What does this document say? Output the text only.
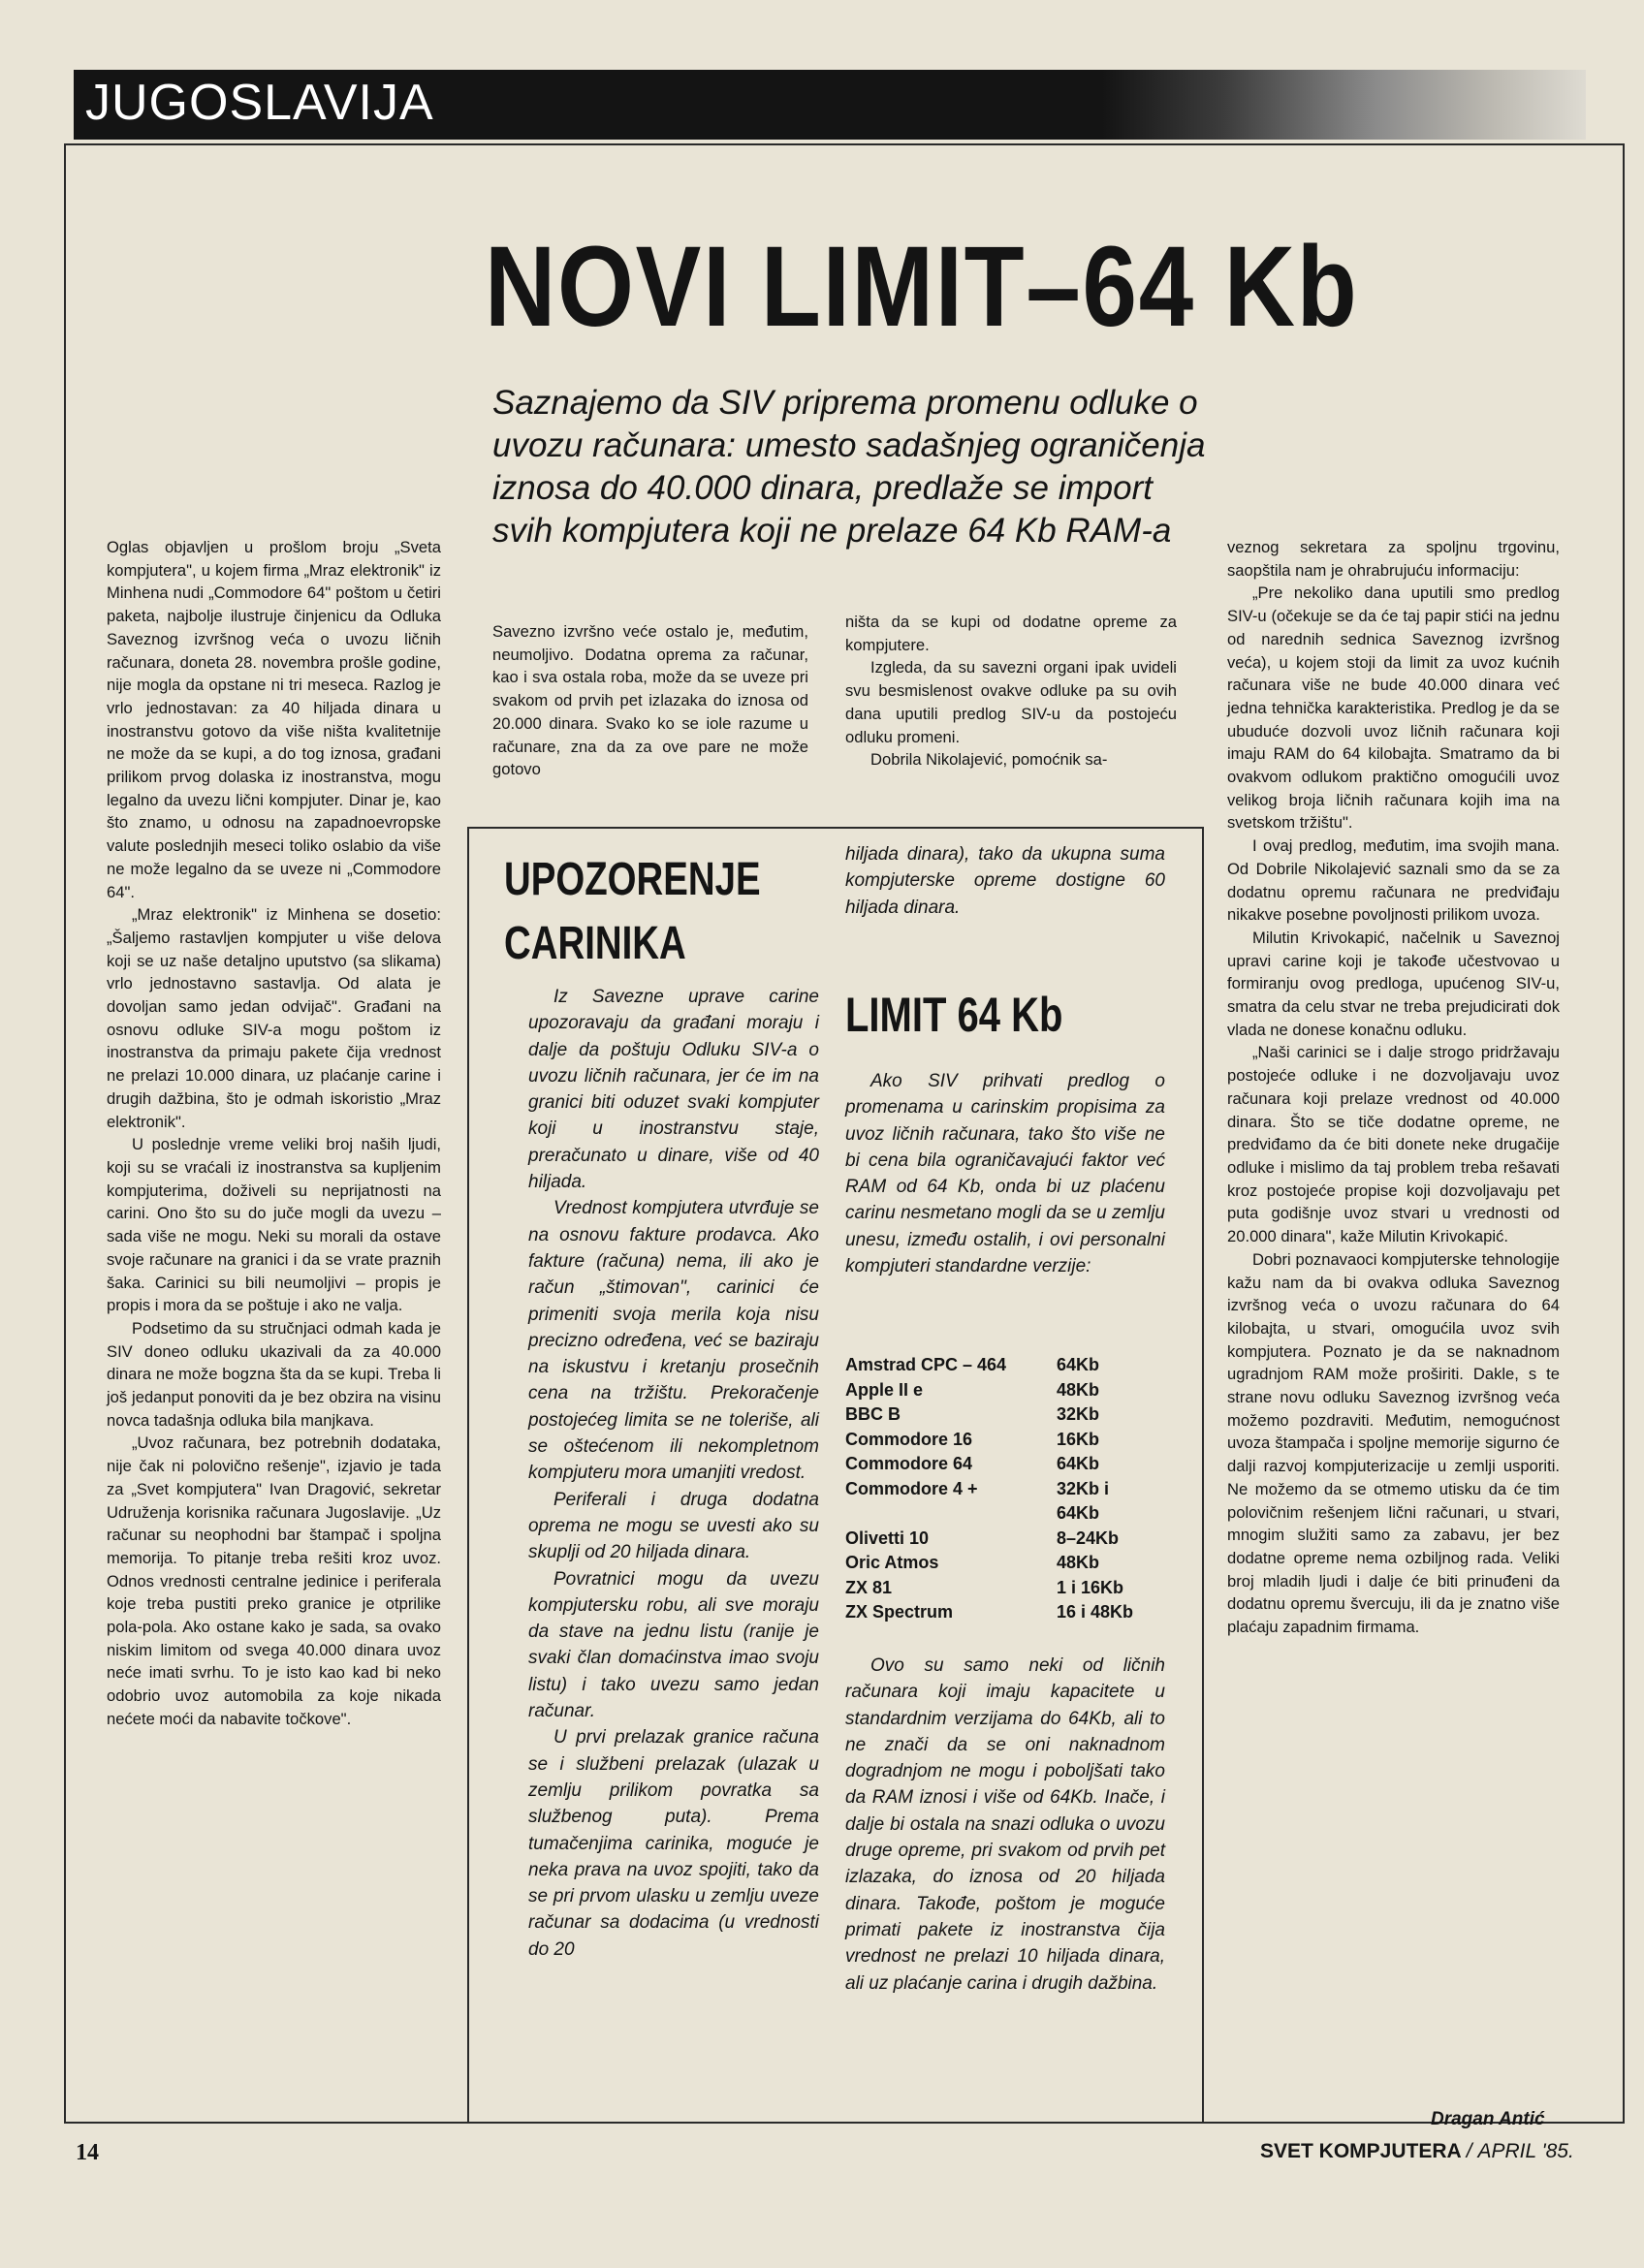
JUGOSLAVIJA
NOVI LIMIT–64 Kb
Saznajemo da SIV priprema promenu odluke o uvozu računara: umesto sadašnjeg ograničenja iznosa do 40.000 dinara, predlaže se import svih kompjutera koji ne prelaze 64 Kb RAM-a

Oglas objavljen u prošlom broju „Sveta kompjutera", u kojem firma „Mraz elektronik" iz Minhena nudi „Commodore 64" poštom u četiri paketa, najbolje ilustruje činjenicu da Odluka Saveznog izvršnog veća o uvozu ličnih računara, doneta 28. novembra prošle godine, nije mogla da opstane ni tri meseca. Razlog je vrlo jednostavan: za 40 hiljada dinara u inostranstvu gotovo da više ništa kvalitetnije ne može da se kupi, a do tog iznosa, građani prilikom prvog dolaska iz inostranstva, mogu legalno da uvezu lični kompjuter. Dinar je, kao što znamo, u odnosu na zapadnoevropske valute poslednjih meseci toliko oslabio da više ne može legalno da se uveze ni „Commodore 64".

„Mraz elektronik" iz Minhena se dosetio: „Šaljemo rastavljen kompjuter u više delova koji se uz naše detaljno uputstvo (sa slikama) vrlo jednostavno sastavlja. Od alata je dovoljan samo jedan odvijač". Građani na osnovu odluke SIV-a mogu poštom iz inostranstva da primaju pakete čija vrednost ne prelazi 10.000 dinara, uz plaćanje carine i drugih dažbina, što je odmah iskoristio „Mraz elektronik".

U poslednje vreme veliki broj naših ljudi, koji su se vraćali iz inostranstva sa kupljenim kompjuterima, doživeli su neprijatnosti na carini. Ono što su do juče mogli da uvezu – sada više ne mogu. Neki su morali da ostave svoje računare na granici i da se vrate praznih šaka. Carinici su bili neumoljivi – propis je propis i mora da se poštuje i ako ne valja.

Podsetimo da su stručnjaci odmah kada je SIV doneo odluku ukazivali da za 40.000 dinara ne može bogzna šta da se kupi. Treba li još jedanput ponoviti da je bez obzira na visinu novca tadašnja odluka bila manjkava.

„Uvoz računara, bez potrebnih dodataka, nije čak ni polovično rešenje", izjavio je tada za „Svet kompjutera" Ivan Dragović, sekretar Udruženja korisnika računara Jugoslavije. „Uz računar su neophodni bar štampač i spoljna memorija. To pitanje treba rešiti kroz uvoz. Odnos vrednosti centralne jedinice i periferala koje treba pustiti preko granice je otprilike pola-pola. Ako ostane kako je sada, sa ovako niskim limitom od svega 40.000 dinara uvoz neće imati svrhu. To je isto kao kad bi neko odobrio uvoz automobila za koje nikada nećete moći da nabavite točkove".

Savezno izvršno veće ostalo je, međutim, neumoljivo. Dodatna oprema za računar, kao i sva ostala roba, može da se uveze pri svakom od prvih pet izlazaka do iznosa od 20.000 dinara. Svako ko se iole razume u računare, zna da za ove pare ne može gotovo

ništa da se kupi od dodatne opreme za kompjutere.

Izgleda, da su savezni organi ipak uvideli svu besmislenost ovakve odluke pa su ovih dana uputili predlog SIV-u da postojeću odluku promeni.

Dobrila Nikolajević, pomoćnik sa-

veznog sekretara za spoljnu trgovinu, saopštila nam je ohrabrujuću informaciju:

„Pre nekoliko dana uputili smo predlog SIV-u (očekuje se da će taj papir stići na jednu od narednih sednica Saveznog izvršnog veća), u kojem stoji da limit za uvoz kućnih računara više ne bude 40.000 dinara već jedna tehnička karakteristika. Predlog je da se ubuduće dozvoli uvoz ličnih računara koji imaju RAM do 64 kilobajta. Smatramo da bi ovakvom odlukom praktično omogućili uvoz velikog broja ličnih računara kojih ima na svetskom tržištu".

I ovaj predlog, međutim, ima svojih mana. Od Dobrile Nikolajević saznali smo da se za dodatnu opremu računara ne predviđaju nikakve posebne povoljnosti prilikom uvoza.

Milutin Krivokapić, načelnik u Saveznoj upravi carine koji je takođe učestvovao u formiranju ovog predloga, upućenog SIV-u, smatra da celu stvar ne treba prejudicirati dok vlada ne donese konačnu odluku.

„Naši carinici se i dalje strogo pridržavaju postojeće odluke i ne dozvoljavaju uvoz računara koji prelaze vrednost od 40.000 dinara. Što se tiče dodatne opreme, ne predviđamo da će biti donete neke drugačije odluke i mislimo da taj problem treba rešavati kroz postojeće propise koji dozvoljavaju pet puta godišnje uvoz stvari u vrednosti od 20.000 dinara", kaže Milutin Krivokapić.

Dobri poznavaoci kompjuterske tehnologije kažu nam da bi ovakva odluka Saveznog izvršnog veća o uvozu računara do 64 kilobajta, u stvari, omogućila uvoz svih kompjutera. Poznato je da se naknadnom ugradnjom RAM može proširiti. Dakle, s te strane novu odluku Saveznog izvršnog veća možemo pozdraviti. Međutim, nemogućnost uvoza štampača i spoljne memorije sigurno će dalji razvoj kompjuterizacije u zemlji usporiti. Ne možemo da se otmemo utisku da će tim polovičnim rešenjem lični računari, u stvari, mnogim služiti samo za zabavu, jer bez dodatne opreme nema ozbiljnog rada. Veliki broj mladih ljudi i dalje će biti prinuđeni da dodatnu opremu švercuju, ili da je znatno više plaćaju zapadnim firmama.

UPOZORENJE
CARINIKA

Iz Savezne uprave carine upozoravaju da građani moraju i dalje da poštuju Odluku SIV-a o uvozu ličnih računara, jer će im na granici biti oduzet svaki kompjuter koji u inostranstvu staje, preračunato u dinare, više od 40 hiljada.

Vrednost kompjutera utvrđuje se na osnovu fakture prodavca. Ako fakture (računa) nema, ili ako je račun „štimovan", carinici će primeniti svoja merila koja nisu precizno određena, već se baziraju na iskustvu i kretanju prosečnih cena na tržištu. Prekoračenje postojećeg limita se ne toleriše, ali se oštećenom ili nekompletnom kompjuteru mora umanjiti vredost.

Periferali i druga dodatna oprema ne mogu se uvesti ako su skuplji od 20 hiljada dinara.

Povratnici mogu da uvezu kompjutersku robu, ali sve moraju da stave na jednu listu (ranije je svaki član domaćinstva imao svoju listu) i tako uvezu samo jedan računar.

U prvi prelazak granice računa se i službeni prelazak (ulazak u zemlju prilikom povratka sa službenog puta). Prema tumačenjima carinika, moguće je neka prava na uvoz spojiti, tako da se pri prvom ulasku u zemlju uveze računar sa dodacima (u vrednosti do 20

hiljada dinara), tako da ukupna suma kompjuterske opreme dostigne 60 hiljada dinara.

LIMIT 64 Kb

Ako SIV prihvati predlog o promenama u carinskim propisima za uvoz ličnih računara, tako što više ne bi cena bila ograničavajući faktor već RAM od 64 Kb, onda bi uz plaćenu carinu nesmetano mogli da se u zemlju unesu, između ostalih, i ovi personalni kompjuteri standardne verzije:

Amstrad CPC – 464	64Kb
Apple II e	48Kb
BBC B	32Kb
Commodore 16	16Kb
Commodore 64	64Kb
Commodore 4 +	32Kb i
	64Kb
Olivetti 10	8–24Kb
Oric Atmos	48Kb
ZX 81	1 i 16Kb
ZX Spectrum	16 i 48Kb

Ovo su samo neki od ličnih računara koji imaju kapacitete u standardnim verzijama do 64Kb, ali to ne znači da se oni naknadnom dogradnjom ne mogu i poboljšati tako da RAM iznosi i više od 64Kb. Inače, i dalje bi ostala na snazi odluka o uvozu druge opreme, pri svakom od prvih pet izlazaka, do iznosa od 20 hiljada dinara. Takođe, poštom je moguće primati pakete iz inostranstva čija vrednost ne prelazi 10 hiljada dinara, ali uz plaćanje carina i drugih dažbina.

Dragan Antić
14	SVET KOMPJUTERA / APRIL '85.
